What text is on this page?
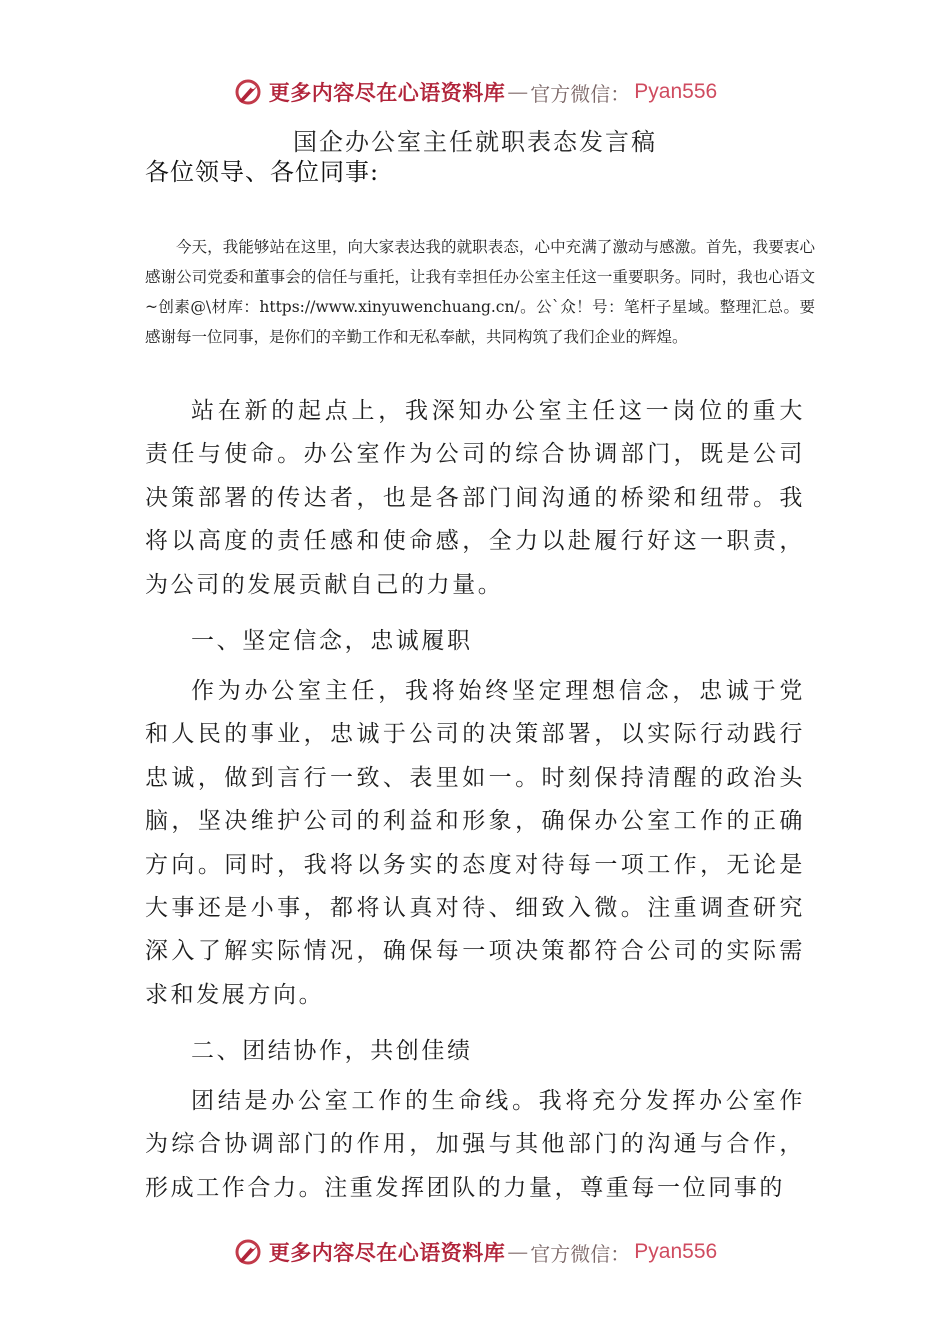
更多内容尽在心语资料库 — 官方微信： Pyan556
国企办公室主任就职表态发言稿
各位领导、各位同事:
今天，我能够站在这里，向大家表达我的就职表态，心中充满了激动与感激。首先，我要衷心感谢公司党委和董事会的信任与重托，让我有幸担任办公室主任这一重要职务。同时，我也心语文~创素@\材库：https://www.xinyuwenchuang.cn/。公`众！号：笔杆子星域。整理汇总。要感谢每一位同事，是你们的辛勤工作和无私奉献，共同构筑了我们企业的辉煌。
站在新的起点上，我深知办公室主任这一岗位的重大责任与使命。办公室作为公司的综合协调部门，既是公司决策部署的传达者，也是各部门间沟通的桥梁和纽带。我将以高度的责任感和使命感，全力以赴履行好这一职责，为公司的发展贡献自己的力量。
一、坚定信念，忠诚履职
作为办公室主任，我将始终坚定理想信念，忠诚于党和人民的事业，忠诚于公司的决策部署，以实际行动践行忠诚，做到言行一致、表里如一。时刻保持清醒的政治头脑，坚决维护公司的利益和形象，确保办公室工作的正确方向。同时，我将以务实的态度对待每一项工作，无论是大事还是小事，都将认真对待、细致入微。注重调查研究深入了解实际情况，确保每一项决策都符合公司的实际需求和发展方向。
二、团结协作，共创佳绩
团结是办公室工作的生命线。我将充分发挥办公室作为综合协调部门的作用，加强与其他部门的沟通与合作，形成工作合力。注重发挥团队的力量，尊重每一位同事的
更多内容尽在心语资料库 — 官方微信： Pyan556
